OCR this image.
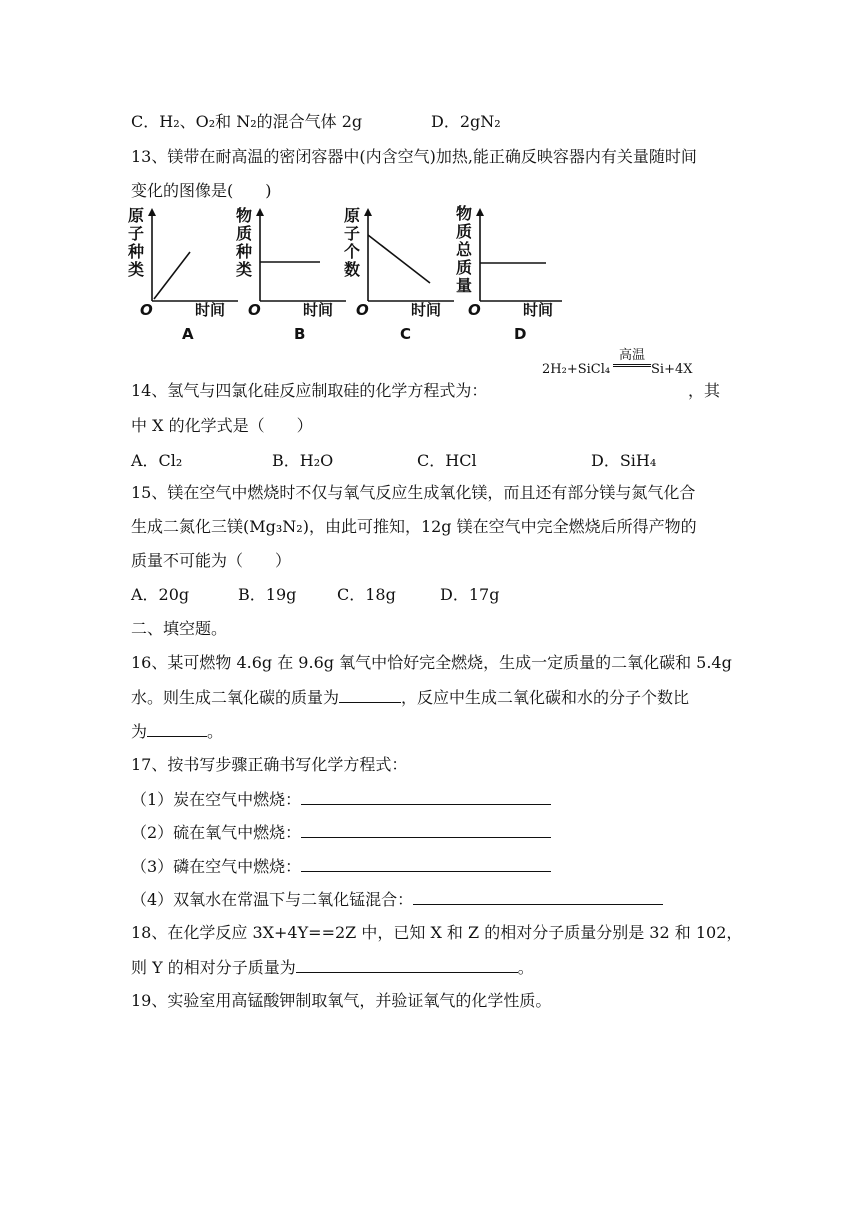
C．H₂、O₂和 N₂的混合气体 2g	D．2gN₂
13、镁带在耐高温的密闭容器中(内含空气)加热,能正确反映容器内有关量随时间
变化的图像是(　　)
原
子
种
类
O	时间
A
物
质
种
类
O	时间
B
原
子
个
数
O	时间
C
物
质
总
质
量
O	时间
D
14、氢气与四氯化硅反应制取硅的化学方程式为：
2H₂+SiCl₄
高温
Si+4X
，其
中 X 的化学式是（　　）
A．Cl₂	B．H₂O	C．HCl	D．SiH₄
15、镁在空气中燃烧时不仅与氧气反应生成氧化镁，而且还有部分镁与氮气化合
生成二氮化三镁(Mg₃N₂)，由此可推知，12g 镁在空气中完全燃烧后所得产物的
质量不可能为（　　）
A．20g	B．19g	C．18g	D．17g
二、填空题。
16、某可燃物 4.6g 在 9.6g 氧气中恰好完全燃烧，生成一定质量的二氧化碳和 5.4g
水。则生成二氧化碳的质量为	，反应中生成二氧化碳和水的分子个数比
为	。
17、按书写步骤正确书写化学方程式：
（1）炭在空气中燃烧：
（2）硫在氧气中燃烧：
（3）磷在空气中燃烧：
（4）双氧水在常温下与二氧化锰混合：
18、在化学反应 3X+4Y==2Z 中，已知 X 和 Z 的相对分子质量分别是 32 和 102，
则 Y 的相对分子质量为	。
19、实验室用高锰酸钾制取氧气，并验证氧气的化学性质。
